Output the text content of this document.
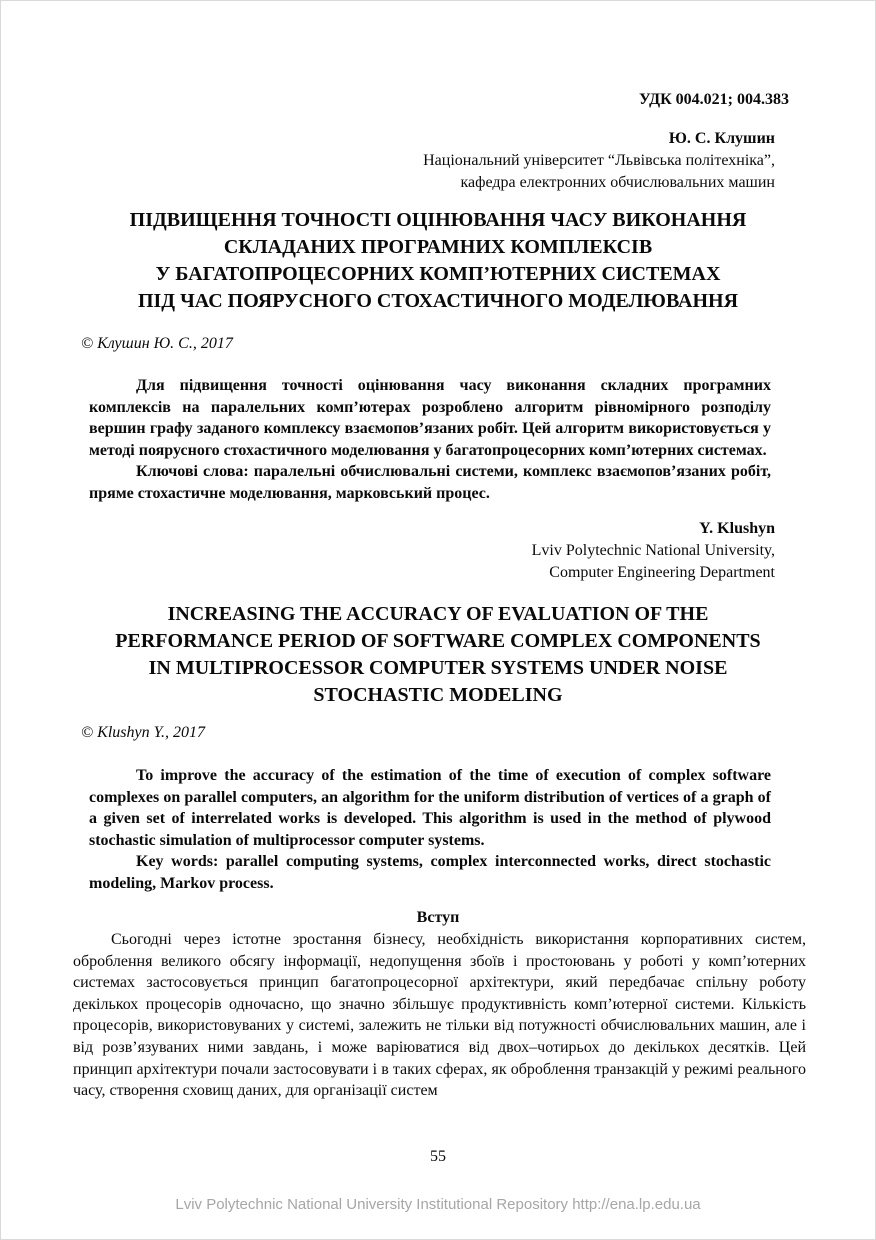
УДК 004.021; 004.383
Ю. С. Клушин
Національний університет “Львівська політехніка”,
кафедра електронних обчислювальних машин
ПІДВИЩЕННЯ ТОЧНОСТІ ОЦІНЮВАННЯ ЧАСУ ВИКОНАННЯ
СКЛАДАНИХ ПРОГРАМНИХ КОМПЛЕКСІВ
У БАГАТОПРОЦЕСОРНИХ КОМП’ЮТЕРНИХ СИСТЕМАХ
ПІД ЧАС ПОЯРУСНОГО СТОХАСТИЧНОГО МОДЕЛЮВАННЯ
© Клушин Ю. С., 2017

Для підвищення точності оцінювання часу виконання складних програмних комплексів на паралельних комп’ютерах розроблено алгоритм рівномірного розподілу вершин графу заданого комплексу взаємопов’язаних робіт. Цей алгоритм використовується у методі поярусного стохастичного моделювання у багатопроцесорних комп’ютерних системах.

Ключові слова: паралельні обчислювальні системи, комплекс взаємопов’язаних робіт, пряме стохастичне моделювання, марковський процес.

Y. Klushyn
Lviv Polytechnic National University,
Computer Engineering Department
INCREASING THE ACCURACY OF EVALUATION OF THE
PERFORMANCE PERIOD OF SOFTWARE COMPLEX COMPONENTS
IN MULTIPROCESSOR COMPUTER SYSTEMS UNDER NOISE
STOCHASTIC MODELING
© Klushyn Y., 2017

To improve the accuracy of the estimation of the time of execution of complex software complexes on parallel computers, an algorithm for the uniform distribution of vertices of a graph of a given set of interrelated works is developed. This algorithm is used in the method of plywood stochastic simulation of multiprocessor computer systems.

Key words: parallel computing systems, complex interconnected works, direct stochastic modeling, Markov process.

Вступ

Сьогодні через істотне зростання бізнесу, необхідність використання корпоративних систем, оброблення великого обсягу інформації, недопущення збоїв і простоювань у роботі у комп’ютерних системах застосовується принцип багатопроцесорної архітектури, який передбачає спільну роботу декількох процесорів одночасно, що значно збільшує продуктивність комп’ютерної системи. Кількість процесорів, використовуваних у системі, залежить не тільки від потужності обчислювальних машин, але і від розв’язуваних ними завдань, і може варіюватися від двох–чотирьох до декількох десятків. Цей принцип архітектури почали застосовувати і в таких сферах, як оброблення транзакцій у режимі реального часу, створення сховищ даних, для організації систем

55
Lviv Polytechnic National University Institutional Repository http://ena.lp.edu.ua
